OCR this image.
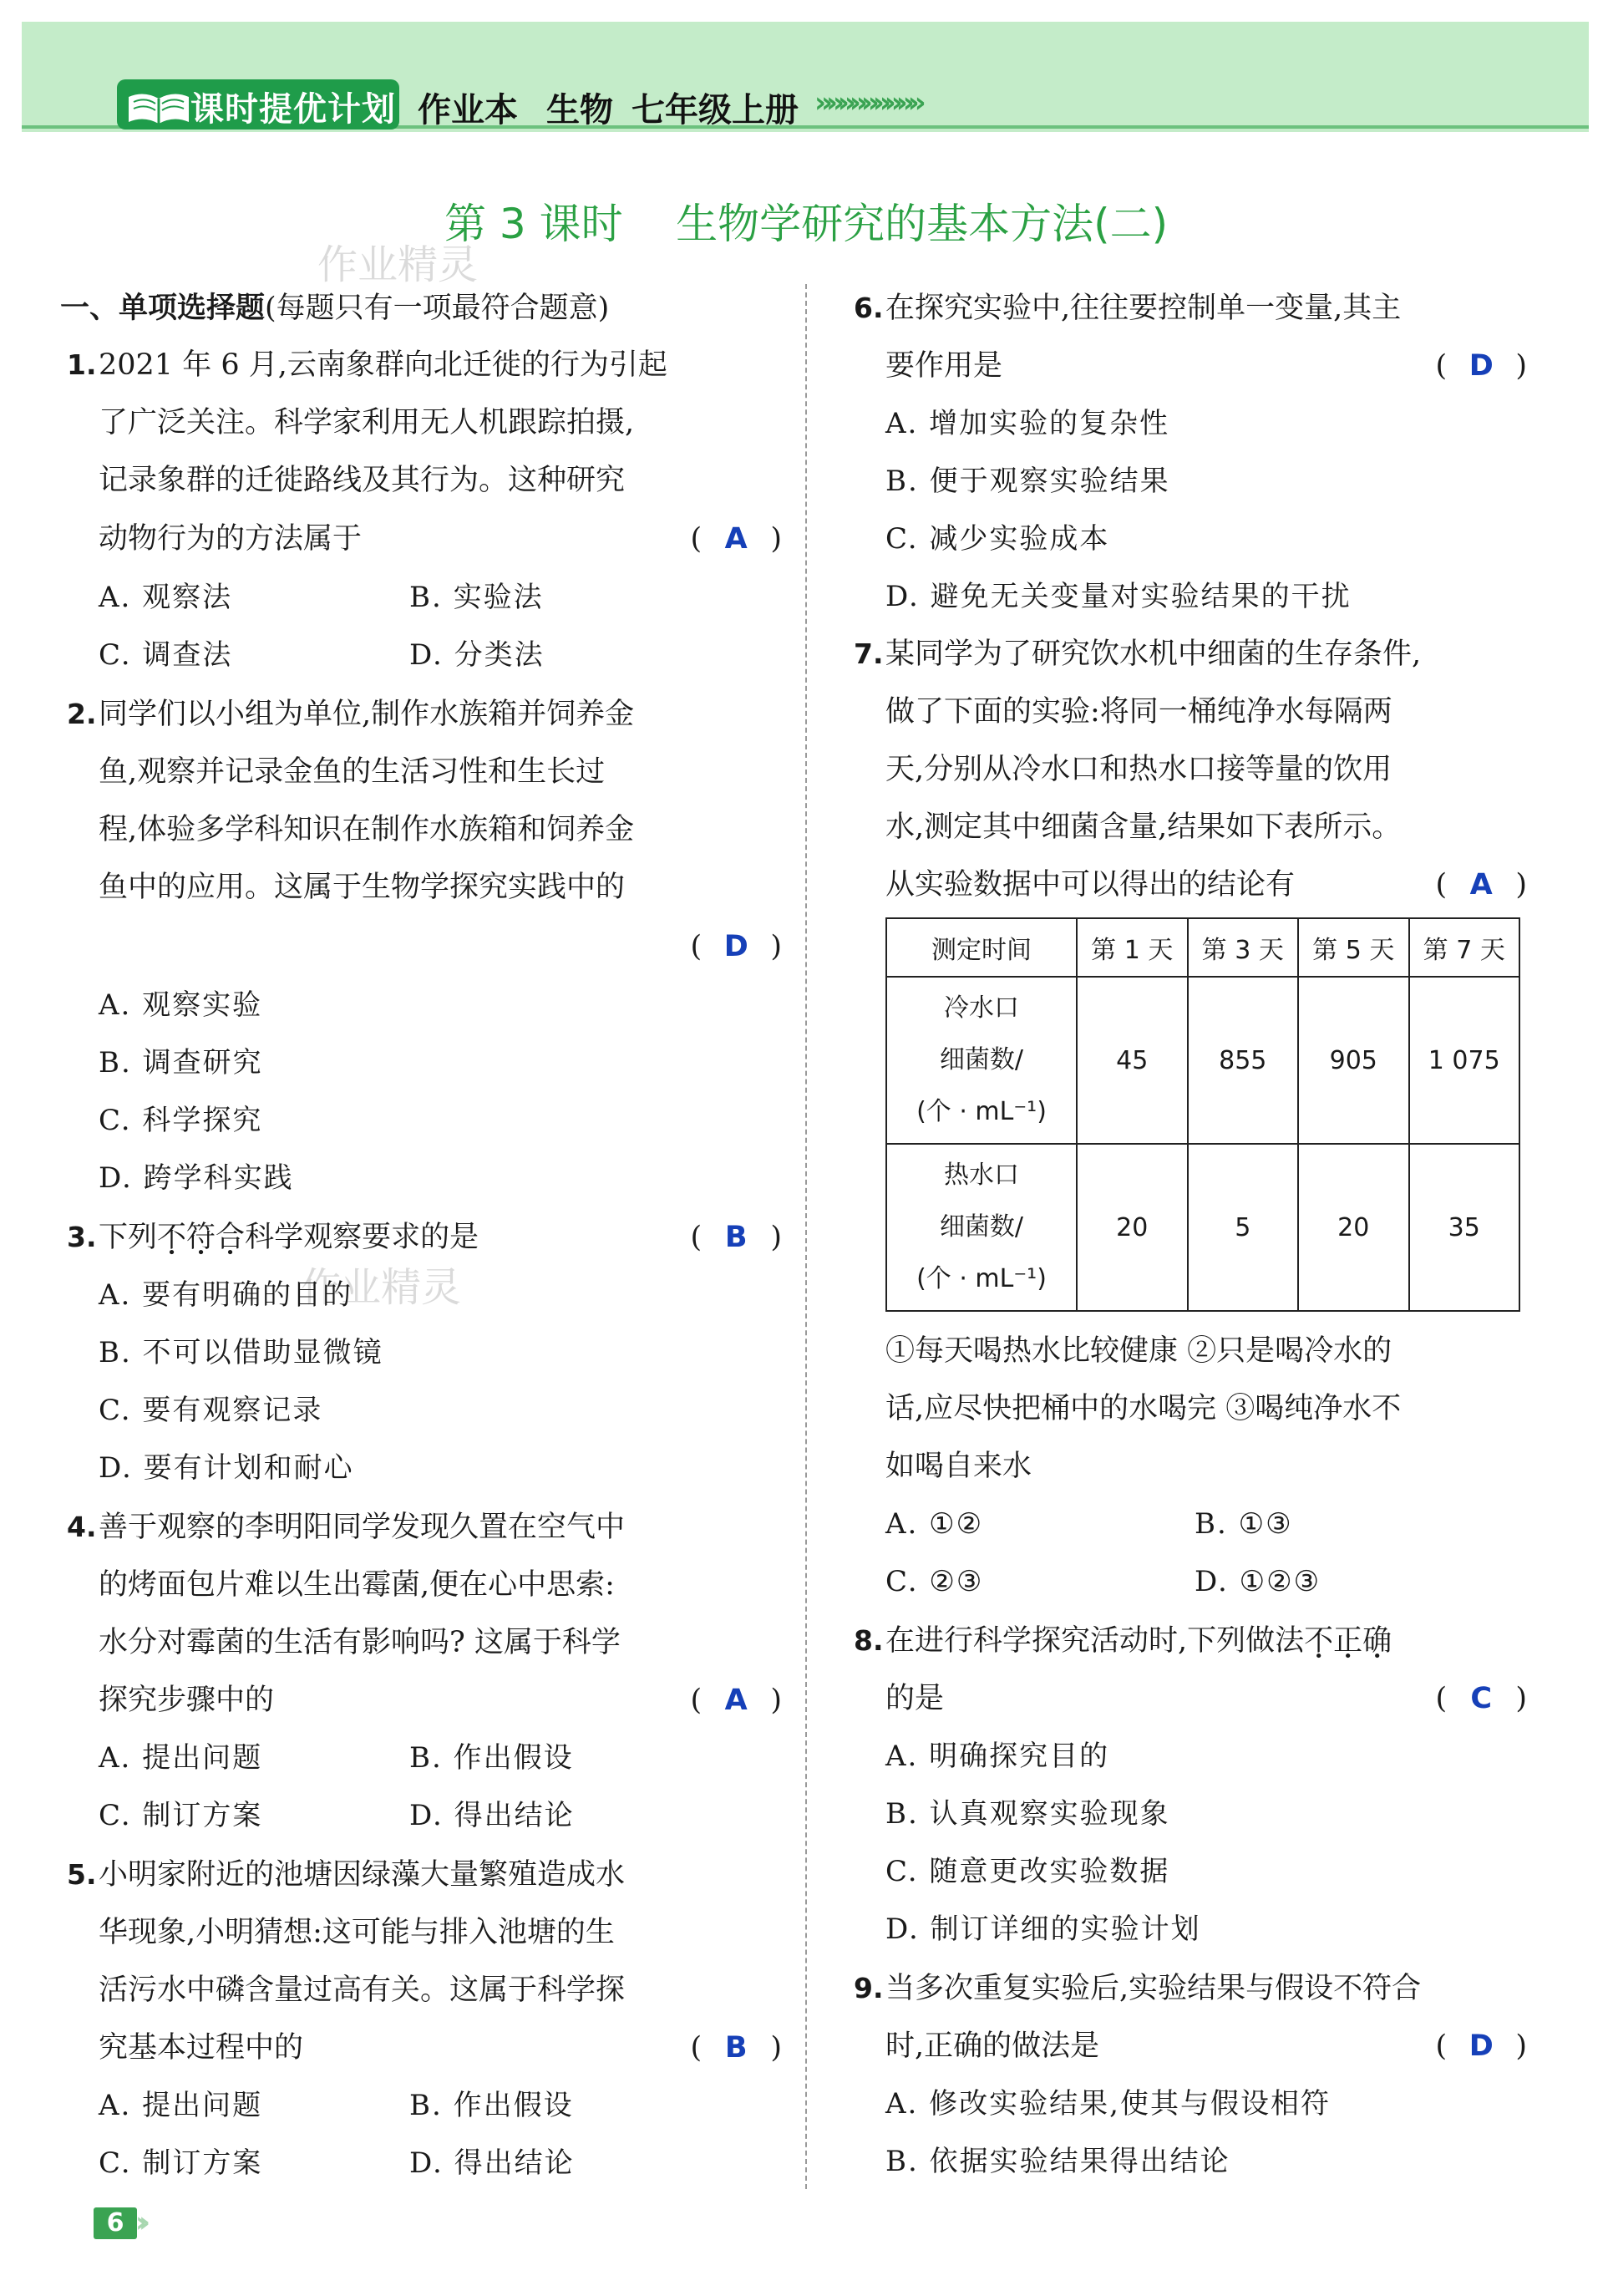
课时提优计划 作业本 生物 七年级上册 »»»»»»»»»
第 3 课时    生物学研究的基本方法(二)
作业精灵
作业精灵
一、单项选择题(每题只有一项最符合题意)
1. 2021 年 6 月,云南象群向北迁徙的行为引起
了广泛关注。科学家利用无人机跟踪拍摄,
记录象群的迁徙路线及其行为。这种研究
动物行为的方法属于	( A )
A. 观察法	B. 实验法
C. 调查法	D. 分类法
2. 同学们以小组为单位,制作水族箱并饲养金
鱼,观察并记录金鱼的生活习性和生长过
程,体验多学科知识在制作水族箱和饲养金
鱼中的应用。这属于生物学探究实践中的
( D )
A. 观察实验
B. 调查研究
C. 科学探究
D. 跨学科实践
3. 下列不符合科学观察要求的是	( B )
A. 要有明确的目的
B. 不可以借助显微镜
C. 要有观察记录
D. 要有计划和耐心
4. 善于观察的李明阳同学发现久置在空气中
的烤面包片难以生出霉菌,便在心中思索:
水分对霉菌的生活有影响吗? 这属于科学
探究步骤中的	( A )
A. 提出问题	B. 作出假设
C. 制订方案	D. 得出结论
5. 小明家附近的池塘因绿藻大量繁殖造成水
华现象,小明猜想:这可能与排入池塘的生
活污水中磷含量过高有关。这属于科学探
究基本过程中的	( B )
A. 提出问题	B. 作出假设
C. 制订方案	D. 得出结论
6. 在探究实验中,往往要控制单一变量,其主
要作用是	( D )
A. 增加实验的复杂性
B. 便于观察实验结果
C. 减少实验成本
D. 避免无关变量对实验结果的干扰
7. 某同学为了研究饮水机中细菌的生存条件,
做了下面的实验:将同一桶纯净水每隔两
天,分别从冷水口和热水口接等量的饮用
水,测定其中细菌含量,结果如下表所示。
从实验数据中可以得出的结论有	( A )
①每天喝热水比较健康 ②只是喝冷水的
话,应尽快把桶中的水喝完 ③喝纯净水不
如喝自来水
A. ①②	B. ①③
C. ②③	D. ①②③
8. 在进行科学探究活动时,下列做法不正确
的是	( C )
A. 明确探究目的
B. 认真观察实验现象
C. 随意更改实验数据
D. 制订详细的实验计划
9. 当多次重复实验后,实验结果与假设不符合
时,正确的做法是	( D )
A. 修改实验结果,使其与假设相符
B. 依据实验结果得出结论
测定时间	第 1 天	第 3 天	第 5 天	第 7 天

冷水口
细菌数/
(个 · mL⁻¹)	45	855	905	1 075

热水口
细菌数/
(个 · mL⁻¹)	20	5	20	35
6 ››
